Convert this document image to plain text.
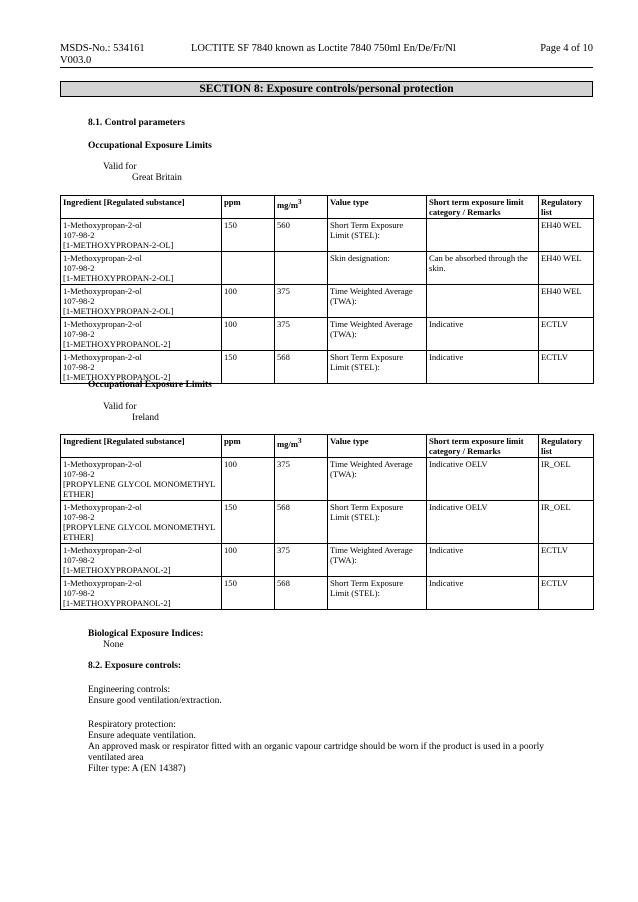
MSDS-No.: 534161
V003.0
LOCTITE SF 7840 known as Loctite 7840 750ml En/De/Fr/Nl	Page 4 of 10
SECTION 8: Exposure controls/personal protection
8.1. Control parameters
Occupational Exposure Limits
Valid for
Great Britain
Ingredient [Regulated substance]	ppm	$mg/m^3$	Value type	Short term exposure limit category / Remarks	Regulatory list

1-Methoxypropan-2-ol
107-98-2
[1-METHOXYPROPAN-2-OL]	150	560	Short Term Exposure Limit (STEL):		EH40 WEL

1-Methoxypropan-2-ol
107-98-2
[1-METHOXYPROPAN-2-OL]			Skin designation:	Can be absorbed through the skin.	EH40 WEL

1-Methoxypropan-2-ol
107-98-2
[1-METHOXYPROPAN-2-OL]	100	375	Time Weighted Average (TWA):		EH40 WEL

1-Methoxypropan-2-ol
107-98-2
[1-METHOXYPROPANOL-2]	100	375	Time Weighted Average (TWA):	Indicative	ECTLV

1-Methoxypropan-2-ol
107-98-2
[1-METHOXYPROPANOL-2]	150	568	Short Term Exposure Limit (STEL):	Indicative	ECTLV
Occupational Exposure Limits
Valid for
Ireland
Ingredient [Regulated substance]	ppm	$mg/m^3$	Value type	Short term exposure limit category / Remarks	Regulatory list

1-Methoxypropan-2-ol
107-98-2
[PROPYLENE GLYCOL MONOMETHYL ETHER]	100	375	Time Weighted Average (TWA):	Indicative OELV	IR_OEL

1-Methoxypropan-2-ol
107-98-2
[PROPYLENE GLYCOL MONOMETHYL ETHER]	150	568	Short Term Exposure Limit (STEL):	Indicative OELV	IR_OEL

1-Methoxypropan-2-ol
107-98-2
[1-METHOXYPROPANOL-2]	100	375	Time Weighted Average (TWA):	Indicative	ECTLV

1-Methoxypropan-2-ol
107-98-2
[1-METHOXYPROPANOL-2]	150	568	Short Term Exposure Limit (STEL):	Indicative	ECTLV
Biological Exposure Indices:
None
8.2. Exposure controls:
Engineering controls:
Ensure good ventilation/extraction.
Respiratory protection:
Ensure adequate ventilation.
An approved mask or respirator fitted with an organic vapour cartridge should be worn if the product is used in a poorly
ventilated area
Filter type: A (EN 14387)
